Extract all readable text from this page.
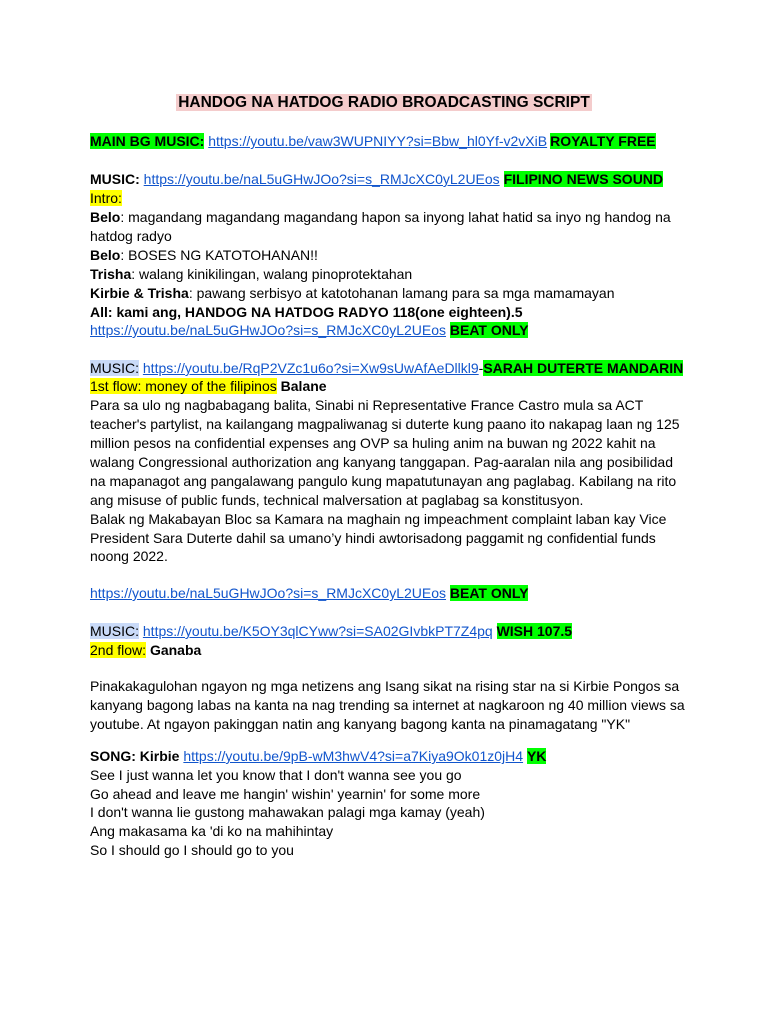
HANDOG NA HATDOG RADIO BROADCASTING SCRIPT
MAIN BG MUSIC: https://youtu.be/vaw3WUPNIYY?si=Bbw_hl0Yf-v2vXiB ROYALTY FREE
MUSIC: https://youtu.be/naL5uGHwJOo?si=s_RMJcXC0yL2UEos FILIPINO NEWS SOUND
Intro:
Belo: magandang magandang magandang hapon sa inyong lahat hatid sa inyo ng handog na
hatdog radyo
Belo: BOSES NG KATOTOHANAN!!
Trisha: walang kinikilingan, walang pinoprotektahan
Kirbie & Trisha: pawang serbisyo at katotohanan lamang para sa mga mamamayan
All: kami ang, HANDOG NA HATDOG RADYO 118(one eighteen).5
https://youtu.be/naL5uGHwJOo?si=s_RMJcXC0yL2UEos BEAT ONLY
MUSIC: https://youtu.be/RqP2VZc1u6o?si=Xw9sUwAfAeDllkl9-SARAH DUTERTE MANDARIN
1st flow: money of the filipinos Balane
Para sa ulo ng nagbabagang balita, Sinabi ni Representative France Castro mula sa ACT
teacher's partylist, na kailangang magpaliwanag si duterte kung paano ito nakapag laan ng 125
million pesos na confidential expenses ang OVP sa huling anim na buwan ng 2022 kahit na
walang Congressional authorization ang kanyang tanggapan. Pag-aaralan nila ang posibilidad
na mapanagot ang pangalawang pangulo kung mapatutunayan ang paglabag. Kabilang na rito
ang misuse of public funds, technical malversation at paglabag sa konstitusyon.
Balak ng Makabayan Bloc sa Kamara na maghain ng impeachment complaint laban kay Vice
President Sara Duterte dahil sa umano’y hindi awtorisadong paggamit ng confidential funds
noong 2022.
https://youtu.be/naL5uGHwJOo?si=s_RMJcXC0yL2UEos BEAT ONLY
MUSIC: https://youtu.be/K5OY3qlCYww?si=SA02GIvbkPT7Z4pq WISH 107.5
2nd flow: Ganaba
Pinakakagulohan ngayon ng mga netizens ang Isang sikat na rising star na si Kirbie Pongos sa
kanyang bagong labas na kanta na nag trending sa internet at nagkaroon ng 40 million views sa
youtube. At ngayon pakinggan natin ang kanyang bagong kanta na pinamagatang "YK"
SONG: Kirbie https://youtu.be/9pB-wM3hwV4?si=a7Kiya9Ok01z0jH4 YK
See I just wanna let you know that I don't wanna see you go
Go ahead and leave me hangin' wishin' yearnin' for some more
I don't wanna lie gustong mahawakan palagi mga kamay (yeah)
Ang makasama ka 'di ko na mahihintay
So I should go I should go to you
